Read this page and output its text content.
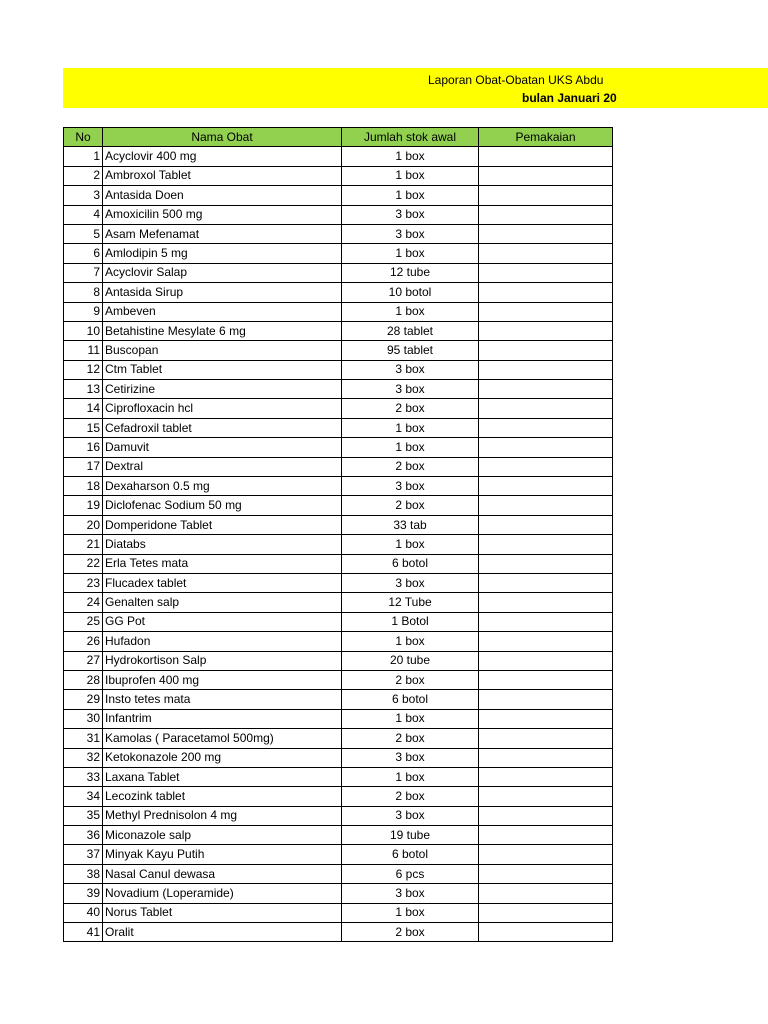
Laporan Obat-Obatan UKS Abdu
bulan Januari 20
No	Nama Obat	Jumlah stok awal	Pemakaian
1	Acyclovir 400 mg	1 box	
2	Ambroxol Tablet	1 box	
3	Antasida Doen	1 box	
4	Amoxicilin 500 mg	3 box	
5	Asam Mefenamat	3 box	
6	Amlodipin 5 mg	1 box	
7	Acyclovir Salap	12 tube	
8	Antasida Sirup	10 botol	
9	Ambeven	1 box	
10	Betahistine Mesylate 6 mg	28 tablet	
11	Buscopan	95 tablet	
12	Ctm Tablet	3 box	
13	Cetirizine	3 box	
14	Ciprofloxacin hcl	2 box	
15	Cefadroxil tablet	1 box	
16	Damuvit	1 box	
17	Dextral	2 box	
18	Dexaharson 0.5 mg	3 box	
19	Diclofenac Sodium 50 mg	2 box	
20	Domperidone Tablet	33 tab	
21	Diatabs	1 box	
22	Erla Tetes mata	6 botol	
23	Flucadex tablet	3 box	
24	Genalten salp	12 Tube	
25	GG Pot	1 Botol	
26	Hufadon	1 box	
27	Hydrokortison Salp	20 tube	
28	Ibuprofen 400 mg	2 box	
29	Insto tetes mata	6 botol	
30	Infantrim	1 box	
31	Kamolas ( Paracetamol 500mg)	2 box	
32	Ketokonazole 200 mg	3 box	
33	Laxana Tablet	1 box	
34	Lecozink tablet	2 box	
35	Methyl Prednisolon 4 mg	3 box	
36	Miconazole salp	19 tube	
37	Minyak Kayu Putih	6 botol	
38	Nasal Canul dewasa	6 pcs	
39	Novadium (Loperamide)	3 box	
40	Norus Tablet	1 box	
41	Oralit	2 box	
